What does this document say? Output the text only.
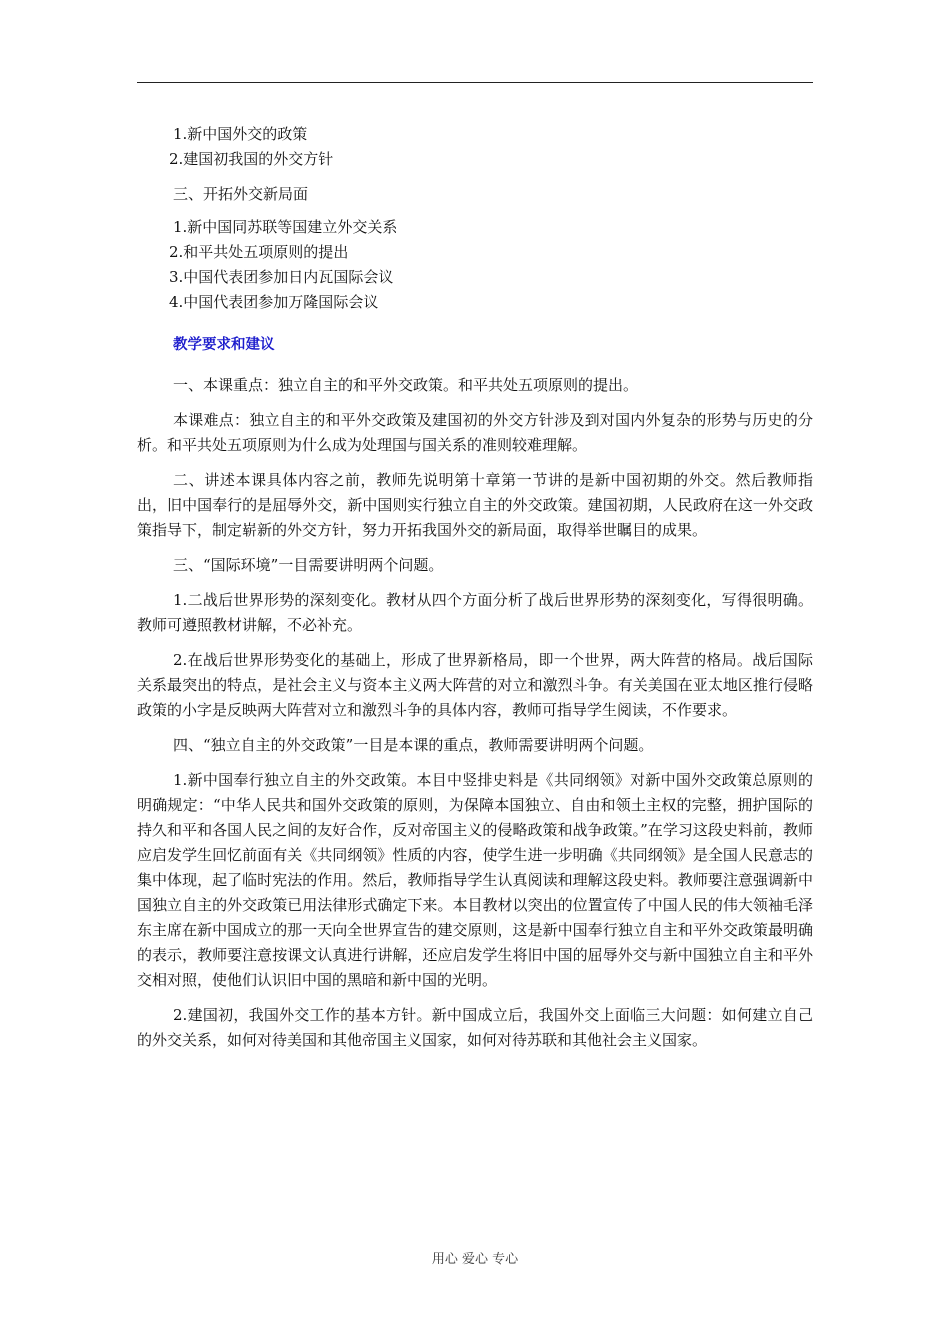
1.新中国外交的政策

2.建国初我国的外交方针

三、开拓外交新局面

1.新中国同苏联等国建立外交关系

2.和平共处五项原则的提出

3.中国代表团参加日内瓦国际会议

4.中国代表团参加万隆国际会议

教学要求和建议

一、本课重点：独立自主的和平外交政策。和平共处五项原则的提出。

本课难点：独立自主的和平外交政策及建国初的外交方针涉及到对国内外复杂的形势与历史的分析。和平共处五项原则为什么成为处理国与国关系的准则较难理解。

二、讲述本课具体内容之前，教师先说明第十章第一节讲的是新中国初期的外交。然后教师指出，旧中国奉行的是屈辱外交，新中国则实行独立自主的外交政策。建国初期，人民政府在这一外交政策指导下，制定崭新的外交方针，努力开拓我国外交的新局面，取得举世瞩目的成果。

三、“国际环境”一目需要讲明两个问题。

1.二战后世界形势的深刻变化。教材从四个方面分析了战后世界形势的深刻变化，写得很明确。教师可遵照教材讲解，不必补充。

2.在战后世界形势变化的基础上，形成了世界新格局，即一个世界，两大阵营的格局。战后国际关系最突出的特点，是社会主义与资本主义两大阵营的对立和激烈斗争。有关美国在亚太地区推行侵略政策的小字是反映两大阵营对立和激烈斗争的具体内容，教师可指导学生阅读，不作要求。

四、“独立自主的外交政策”一目是本课的重点，教师需要讲明两个问题。

1.新中国奉行独立自主的外交政策。本目中竖排史料是《共同纲领》对新中国外交政策总原则的明确规定：“中华人民共和国外交政策的原则，为保障本国独立、自由和领土主权的完整，拥护国际的持久和平和各国人民之间的友好合作，反对帝国主义的侵略政策和战争政策。”在学习这段史料前，教师应启发学生回忆前面有关《共同纲领》性质的内容，使学生进一步明确《共同纲领》是全国人民意志的集中体现，起了临时宪法的作用。然后，教师指导学生认真阅读和理解这段史料。教师要注意强调新中国独立自主的外交政策已用法律形式确定下来。本目教材以突出的位置宣传了中国人民的伟大领袖毛泽东主席在新中国成立的那一天向全世界宣告的建交原则，这是新中国奉行独立自主和平外交政策最明确的表示，教师要注意按课文认真进行讲解，还应启发学生将旧中国的屈辱外交与新中国独立自主和平外交相对照，使他们认识旧中国的黑暗和新中国的光明。

2.建国初，我国外交工作的基本方针。新中国成立后，我国外交上面临三大问题：如何建立自己的外交关系，如何对待美国和其他帝国主义国家，如何对待苏联和其他社会主义国家。

用心 爱心 专心
